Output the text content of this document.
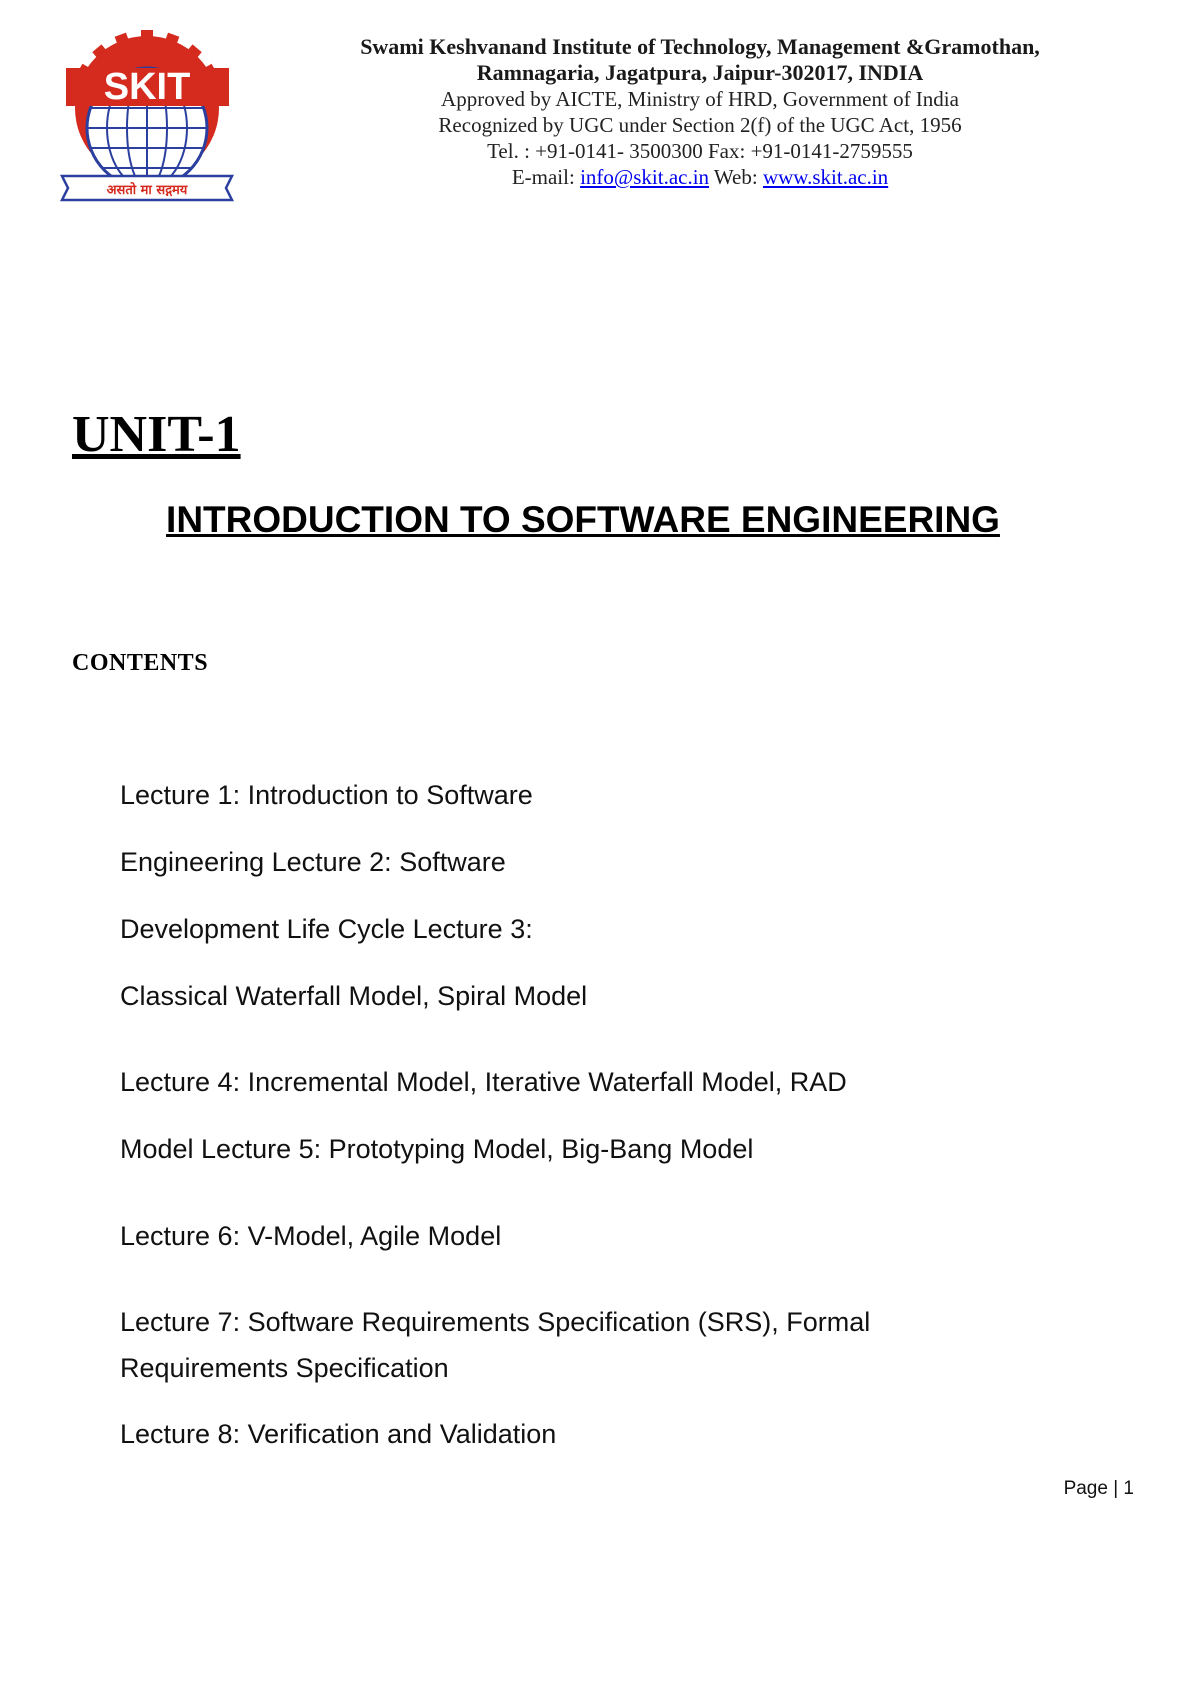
SKIT
असतो मा सद्गमय
Swami Keshvanand Institute of Technology, Management &Gramothan,
Ramnagaria, Jagatpura, Jaipur-302017, INDIA
Approved by AICTE, Ministry of HRD, Government of India
Recognized by UGC under Section 2(f) of the UGC Act, 1956
Tel. : +91-0141- 3500300 Fax: +91-0141-2759555
E-mail: info@skit.ac.in Web: www.skit.ac.in
UNIT-1
INTRODUCTION TO SOFTWARE ENGINEERING
CONTENTS

Lecture 1: Introduction to Software

Engineering Lecture 2: Software

Development Life Cycle Lecture 3:

Classical Waterfall Model, Spiral Model

Lecture 4: Incremental Model, Iterative Waterfall Model, RAD

Model Lecture 5: Prototyping Model, Big-Bang Model

Lecture 6: V-Model, Agile Model

Lecture 7: Software Requirements Specification (SRS), Formal

Requirements Specification

Lecture 8: Verification and Validation

Page | 1
